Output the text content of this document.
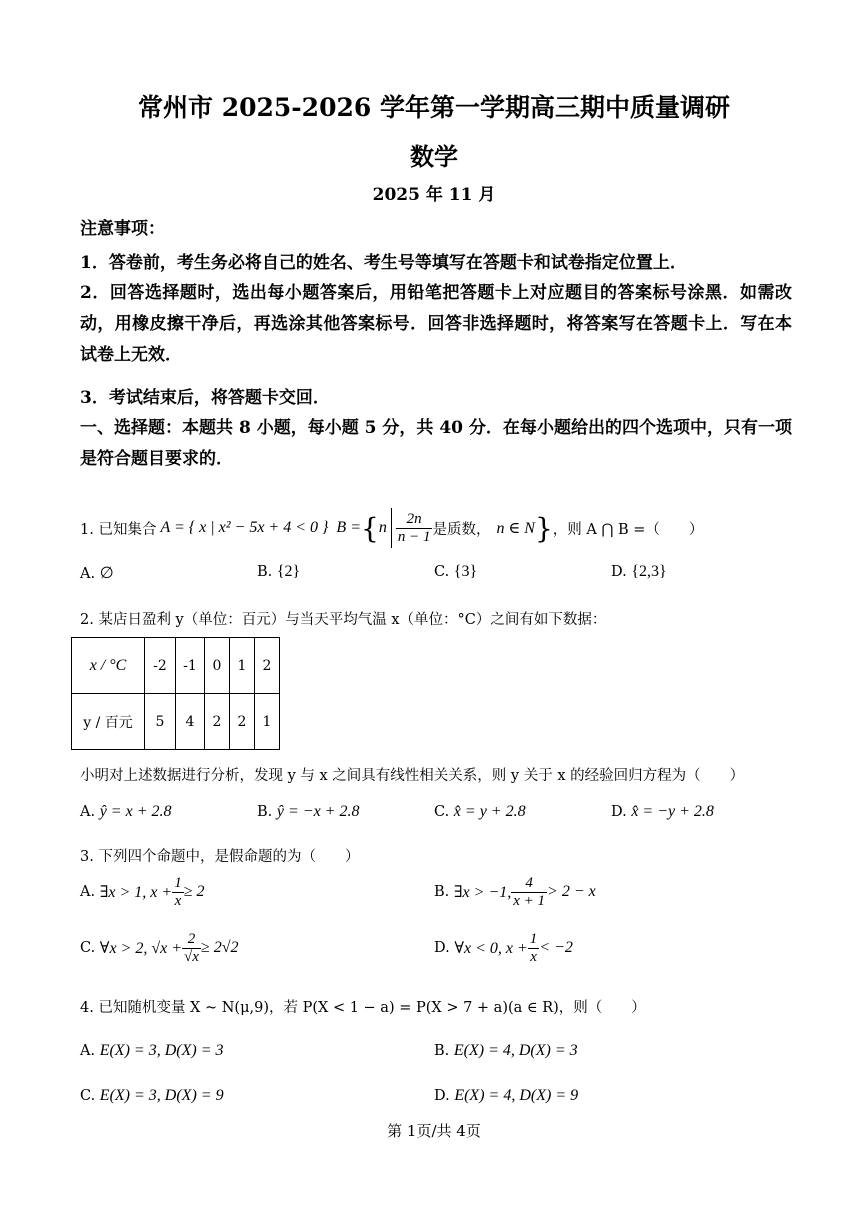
常州市 2025-2026 学年第一学期高三期中质量调研
数学
2025 年 11 月
注意事项：
1．答卷前，考生务必将自己的姓名、考生号等填写在答题卡和试卷指定位置上．
2．回答选择题时，选出每小题答案后，用铅笔把答题卡上对应题目的答案标号涂黑．如需改动，用橡皮擦干净后，再选涂其他答案标号．回答非选择题时，将答案写在答题卡上．写在本试卷上无效．
3．考试结束后，将答题卡交回．
一、选择题：本题共 8 小题，每小题 5 分，共 40 分．在每小题给出的四个选项中，只有一项是符合题目要求的．
1. 已知集合 A = { x | x² − 5x + 4 < 0 } B = { n $\frac{2n}{n - 1}$ 是质数， n ∈ N } ，则 A ⋂ B =（　　）
A. ∅	B. {2}	C. {3}	D. {2,3}
2. 某店日盈利 y（单位：百元）与当天平均气温 x（单位：°C）之间有如下数据：
x / °C	-2	-1	0	1	2
y / 百元	5	4	2	2	1
小明对上述数据进行分析，发现 y 与 x 之间具有线性相关关系，则 y 关于 x 的经验回归方程为（　　）
A. ŷ = x + 2.8	B. ŷ = −x + 2.8	C. x̂ = y + 2.8	D. x̂ = −y + 2.8
3. 下列四个命题中，是假命题的为（　　）
A.
∃x > 1, $x + \frac{1}{x} \ge 2$	B.
∃x > −1, $\frac{4}{x + 1} > 2 - x$
C.
∀x > 2, $√x + \frac{2}{√x} \ge 2√2$	D.
∀x < 0, $x + \frac{1}{x} < -2$
4. 已知随机变量 X ~ N(μ,9)，若 P(X < 1 − a) = P(X > 7 + a)(a ∈ R)，则（　　）
A. E(X) = 3, D(X) = 3	B. E(X) = 4, D(X) = 3
C. E(X) = 3, D(X) = 9	D. E(X) = 4, D(X) = 9
第 1页/共 4页
